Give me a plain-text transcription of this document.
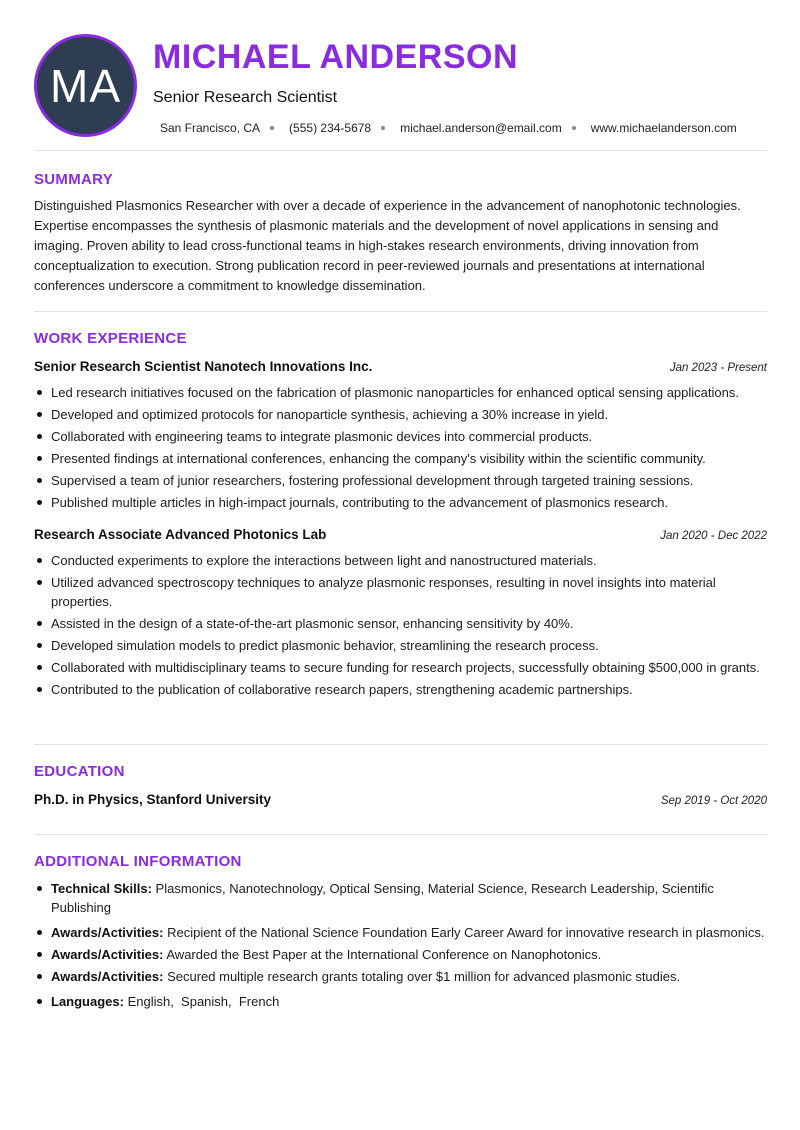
MA
MICHAEL ANDERSON
Senior Research Scientist
San Francisco, CA (555) 234-5678 michael.anderson@email.com www.michaelanderson.com
SUMMARY
Distinguished Plasmonics Researcher with over a decade of experience in the advancement of nanophotonic technologies. Expertise encompasses the synthesis of plasmonic materials and the development of novel applications in sensing and imaging. Proven ability to lead cross-functional teams in high-stakes research environments, driving innovation from conceptualization to execution. Strong publication record in peer-reviewed journals and presentations at international conferences underscore a commitment to knowledge dissemination.
WORK EXPERIENCE
Senior Research Scientist Nanotech Innovations Inc.	Jan 2023 - Present
Led research initiatives focused on the fabrication of plasmonic nanoparticles for enhanced optical sensing applications.
Developed and optimized protocols for nanoparticle synthesis, achieving a 30% increase in yield.
Collaborated with engineering teams to integrate plasmonic devices into commercial products.
Presented findings at international conferences, enhancing the company's visibility within the scientific community.
Supervised a team of junior researchers, fostering professional development through targeted training sessions.
Published multiple articles in high-impact journals, contributing to the advancement of plasmonics research.
Research Associate Advanced Photonics Lab	Jan 2020 - Dec 2022
Conducted experiments to explore the interactions between light and nanostructured materials.
Utilized advanced spectroscopy techniques to analyze plasmonic responses, resulting in novel insights into material properties.
Assisted in the design of a state-of-the-art plasmonic sensor, enhancing sensitivity by 40%.
Developed simulation models to predict plasmonic behavior, streamlining the research process.
Collaborated with multidisciplinary teams to secure funding for research projects, successfully obtaining $500,000 in grants.
Contributed to the publication of collaborative research papers, strengthening academic partnerships.
EDUCATION
Ph.D. in Physics, Stanford University	Sep 2019 - Oct 2020
ADDITIONAL INFORMATION
Technical Skills: Plasmonics, Nanotechnology, Optical Sensing, Material Science, Research Leadership, Scientific Publishing
Awards/Activities: Recipient of the National Science Foundation Early Career Award for innovative research in plasmonics.
Awards/Activities: Awarded the Best Paper at the International Conference on Nanophotonics.
Awards/Activities: Secured multiple research grants totaling over $1 million for advanced plasmonic studies.
Languages: English,  Spanish,  French
